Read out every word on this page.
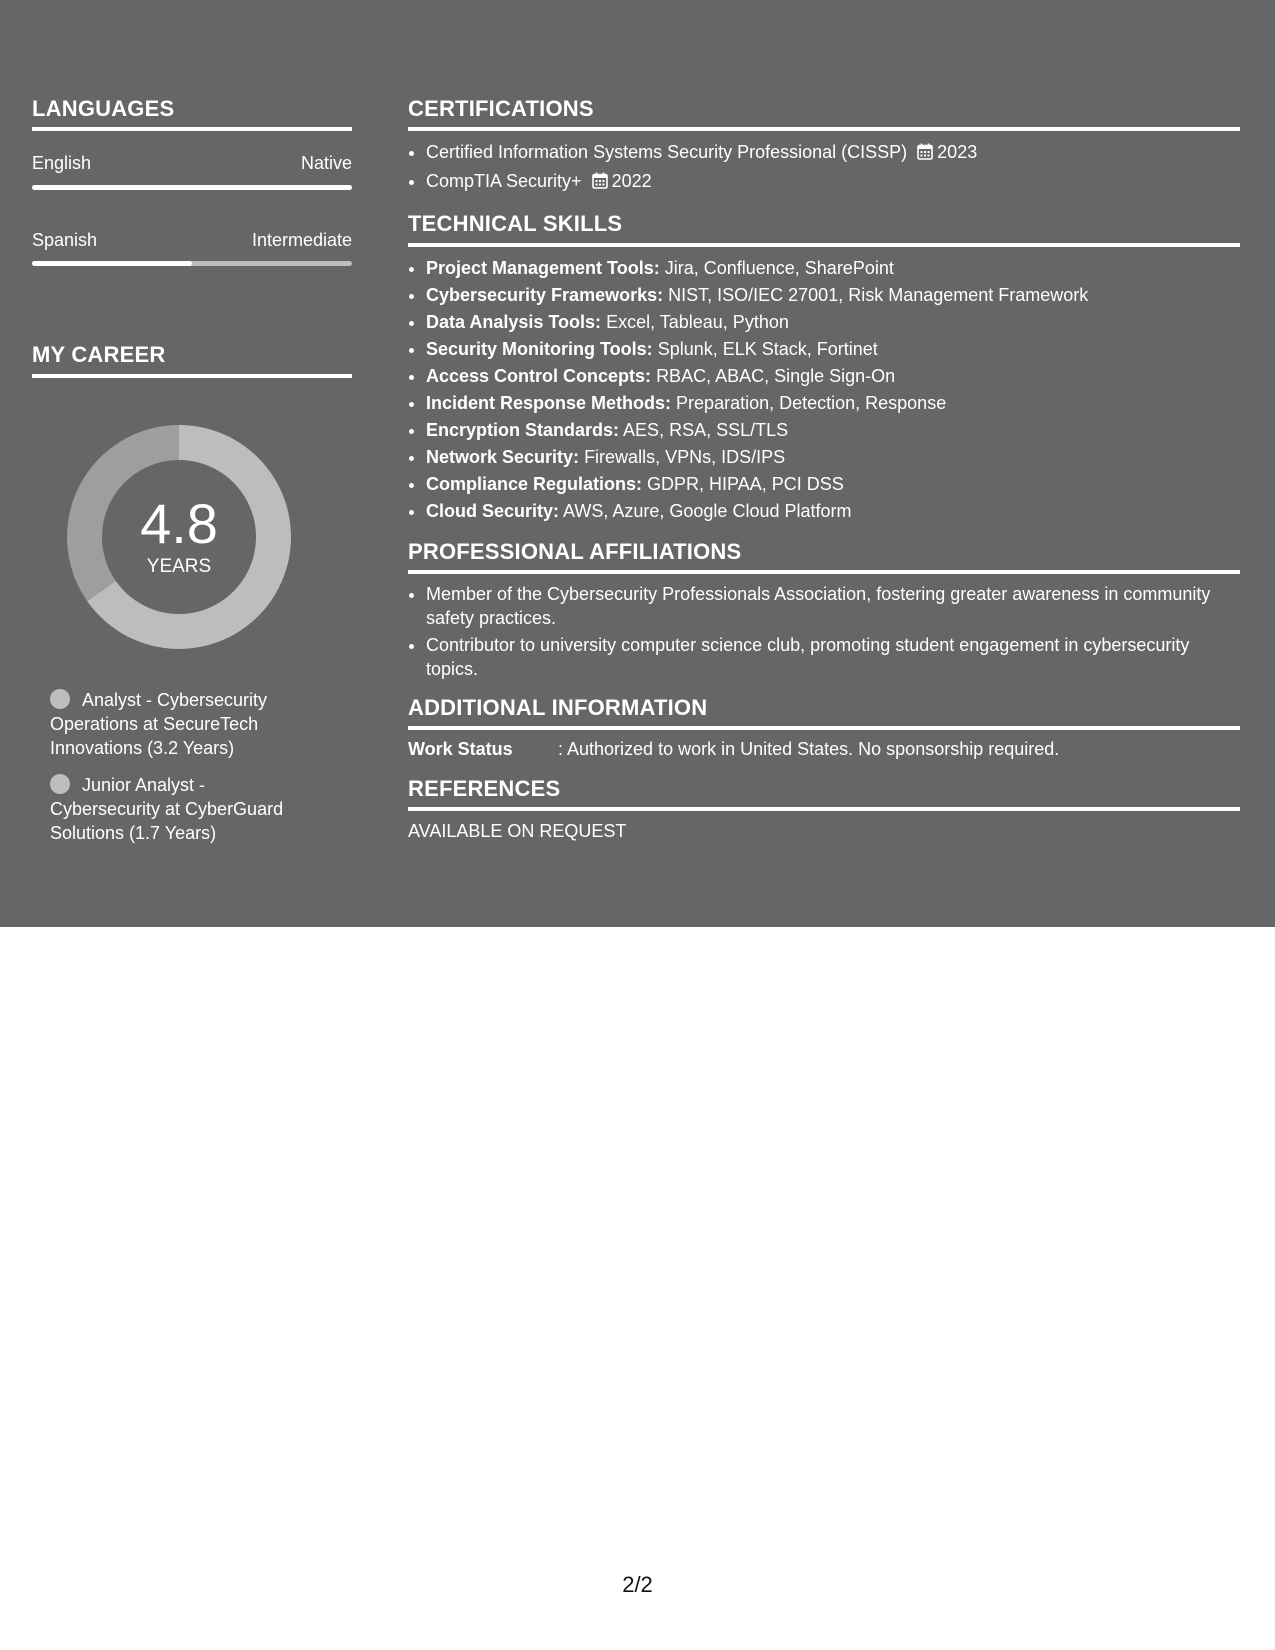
LANGUAGES
English	Native
Spanish	Intermediate
MY CAREER
4.8
YEARS
Analyst - Cybersecurity Operations at SecureTech Innovations (3.2 Years)
Junior Analyst - Cybersecurity at CyberGuard Solutions (1.7 Years)
CERTIFICATIONS
• Certified Information Systems Security Professional (CISSP) 2023
• CompTIA Security+ 2022
TECHNICAL SKILLS
• Project Management Tools: Jira, Confluence, SharePoint
• Cybersecurity Frameworks: NIST, ISO/IEC 27001, Risk Management Framework
• Data Analysis Tools: Excel, Tableau, Python
• Security Monitoring Tools: Splunk, ELK Stack, Fortinet
• Access Control Concepts: RBAC, ABAC, Single Sign-On
• Incident Response Methods: Preparation, Detection, Response
• Encryption Standards: AES, RSA, SSL/TLS
• Network Security: Firewalls, VPNs, IDS/IPS
• Compliance Regulations: GDPR, HIPAA, PCI DSS
• Cloud Security: AWS, Azure, Google Cloud Platform
PROFESSIONAL AFFILIATIONS
• Member of the Cybersecurity Professionals Association, fostering greater awareness in community safety practices.
• Contributor to university computer science club, promoting student engagement in cybersecurity topics.
ADDITIONAL INFORMATION
Work Status	: Authorized to work in United States. No sponsorship required.
REFERENCES
AVAILABLE ON REQUEST
2/2
